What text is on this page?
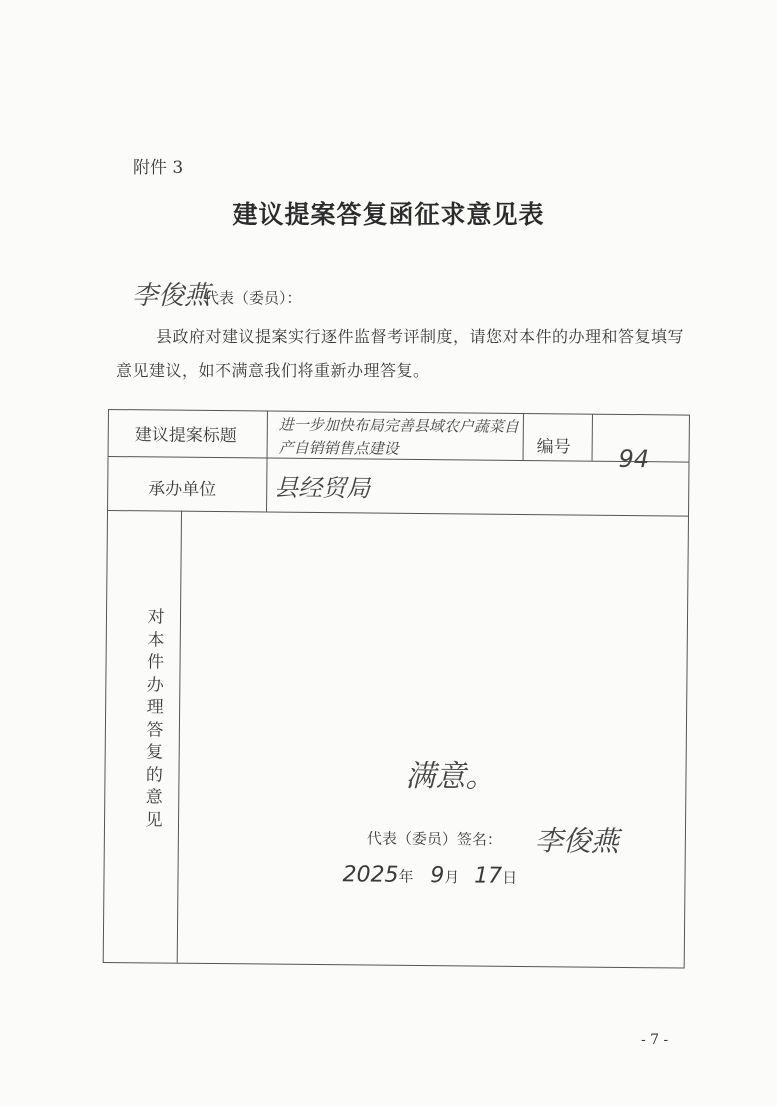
附件 3
建议提案答复函征求意见表
李俊燕
代表（委员）：
县政府对建议提案实行逐件监督考评制度，请您对本件的办理和答复填写意见建议，如不满意我们将重新办理答复。
建议提案标题	进一步加快布局完善县域农户蔬菜自产自销销售点建设	编号 94
承办单位 县经贸局
对本件办理答复的意见
满意。
代表（委员）签名： 李俊燕
2025年 9月 17日
- 7 -
